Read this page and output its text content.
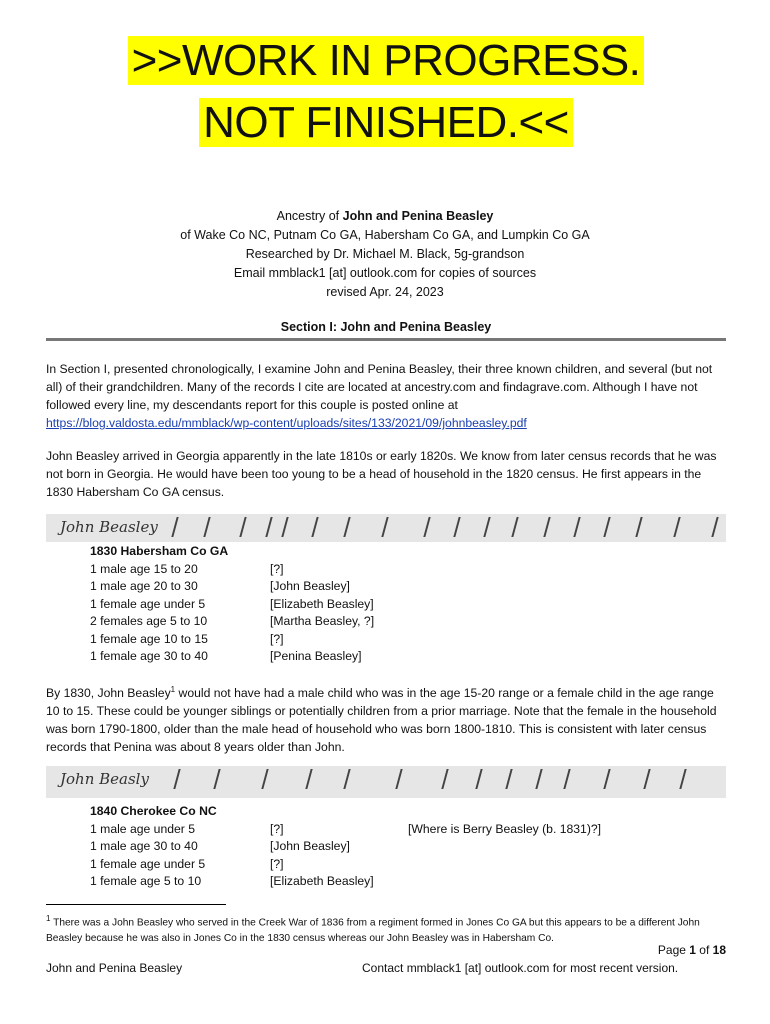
>>WORK IN PROGRESS.
NOT FINISHED.<<
Ancestry of John and Penina Beasley
of Wake Co NC, Putnam Co GA, Habersham Co GA, and Lumpkin Co GA
Researched by Dr. Michael M. Black, 5g-grandson
Email mmblack1 [at] outlook.com for copies of sources
revised Apr. 24, 2023
Section I: John and Penina Beasley
In Section I, presented chronologically, I examine John and Penina Beasley, their three known children, and several (but not all) of their grandchildren. Many of the records I cite are located at ancestry.com and findagrave.com. Although I have not followed every line, my descendants report for this couple is posted online at
https://blog.valdosta.edu/mmblack/wp-content/uploads/sites/133/2021/09/johnbeasley.pdf
John Beasley arrived in Georgia apparently in the late 1810s or early 1820s. We know from later census records that he was not born in Georgia. He would have been too young to be a head of household in the 1820 census. He first appears in the 1830 Habersham Co GA census.
John Beasley
1830 Habersham Co GA
1 male age 15 to 20	[?]
1 male age 20 to 30	[John Beasley]
1 female age under 5	[Elizabeth Beasley]
2 females age 5 to 10	[Martha Beasley, ?]
1 female age 10 to 15	[?]
1 female age 30 to 40	[Penina Beasley]
By 1830, John Beasley$^1$ would not have had a male child who was in the age 15-20 range or a female child in the age range 10 to 15. These could be younger siblings or potentially children from a prior marriage. Note that the female in the household was born 1790-1800, older than the male head of household who was born 1800-1810. This is consistent with later census records that Penina was about 8 years older than John.
John Beasly
1840 Cherokee Co NC
1 male age under 5	[?]	[Where is Berry Beasley (b. 1831)?]
1 male age 30 to 40	[John Beasley]
1 female age under 5	[?]
1 female age 5 to 10	[Elizabeth Beasley]
$^1$ There was a John Beasley who served in the Creek War of 1836 from a regiment formed in Jones Co GA but this appears to be a different John Beasley because he was also in Jones Co in the 1830 census whereas our John Beasley was in Habersham Co.
Page 1 of 18
John and Penina Beasley	Contact mmblack1 [at] outlook.com for most recent version.
